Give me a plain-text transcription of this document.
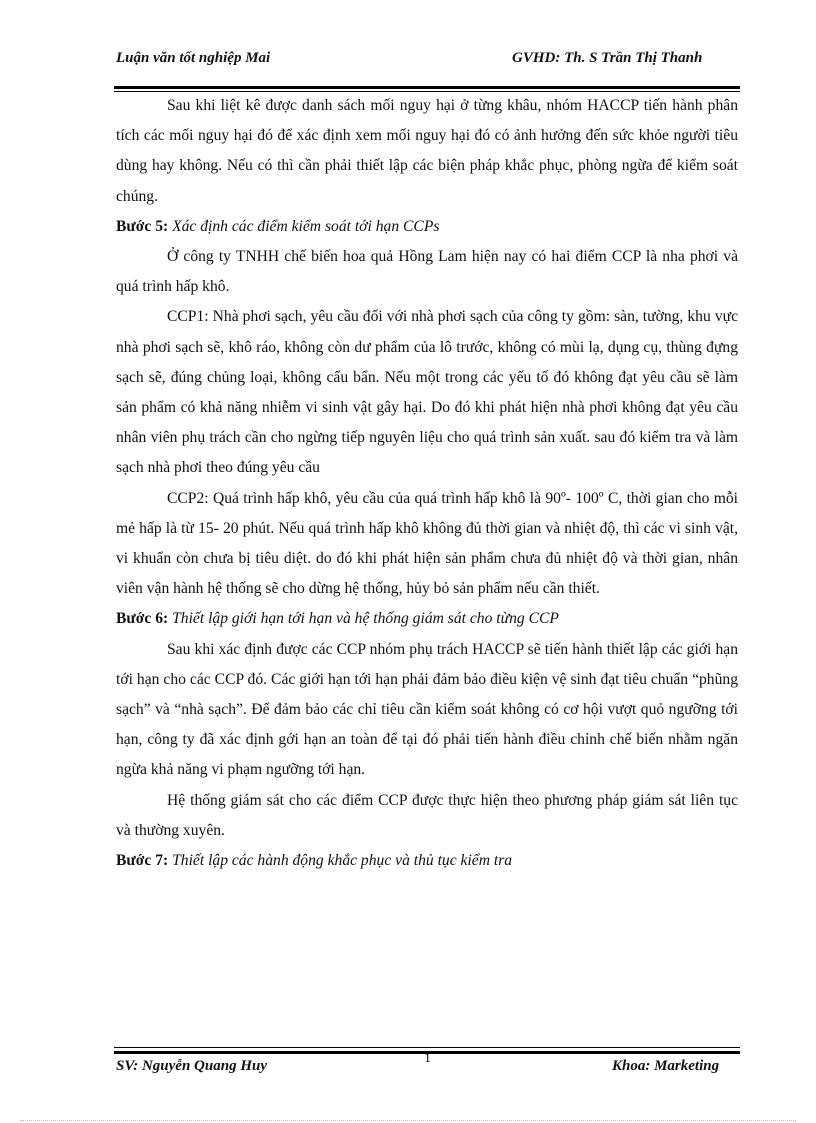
Luận văn tốt nghiệp Mai	GVHD: Th. S Trần Thị Thanh

Sau khi liệt kê được danh sách mối nguy hại ở từng khâu, nhóm HACCP tiến hành phân tích các mối nguy hại đó để xác định xem mối nguy hại đó có ảnh hưởng đến sức khỏe người tiêu dùng hay không. Nếu có thì cần phải thiết lập các biện pháp khắc phục, phòng ngừa để kiểm soát chúng.

Bước 5: Xác định các điểm kiểm soát tới hạn CCPs

Ở công ty TNHH chế biến hoa quả Hồng Lam hiện nay có hai điểm CCP là nha phơi và quá trình hấp khô.

CCP1: Nhà phơi sạch, yêu cầu đối với nhà phơi sạch của công ty gồm: sàn, tường, khu vực nhà phơi sạch sẽ, khô ráo, không còn dư phẩm của lô trước, không có mùi lạ, dụng cụ, thùng đựng sạch sẽ, đúng chủng loại, không cấu bẩn. Nếu một trong các yếu tố đó không đạt yêu cầu sẽ làm sản phẩm có khả năng nhiễm vi sinh vật gây hại. Do đó khi phát hiện nhà phơi không đạt yêu cầu nhân viên phụ trách cần cho ngừng tiếp nguyên liệu cho quá trình sản xuất. sau đó kiểm tra và làm sạch nhà phơi theo đúng yêu cầu

CCP2: Quá trình hấp khô, yêu cầu của quá trình hấp khô là 90º- 100º C, thời gian cho mỗi mẻ hấp là từ 15- 20 phút. Nếu quá trình hấp khô không đủ thời gian và nhiệt độ, thì các vi sinh vật, vi khuẩn còn chưa bị tiêu diệt. do đó khi phát hiện sản phẩm chưa đủ nhiệt độ và thời gian, nhân viên vận hành hệ thống sẽ cho dừng hệ thống, hủy bỏ sản phẩm nếu cần thiết.

Bước 6: Thiết lập giới hạn tới hạn và hệ thống giám sát cho từng CCP

Sau khi xác định được các CCP nhóm phụ trách HACCP sẽ tiến hành thiết lập các giới hạn tới hạn cho các CCP đó. Các giới hạn tới hạn phải đảm bảo điều kiện vệ sinh đạt tiêu chuẩn “phũng sạch” và “nhà sạch”. Để đảm bảo các chỉ tiêu cần kiểm soát không có cơ hội vượt quỏ ngưỡng tới hạn, công ty đã xác định gới hạn an toàn để tại đó phải tiến hành điều chỉnh chế biến nhằm ngăn ngừa khả năng vi phạm ngưỡng tới hạn.

Hệ thống giám sát cho các điểm CCP được thực hiện theo phương pháp giám sát liên tục và thường xuyên.

Bước 7: Thiết lập các hành động khắc phục và thủ tục kiểm tra

SV: Nguyễn Quang Huy	1	Khoa: Marketing
